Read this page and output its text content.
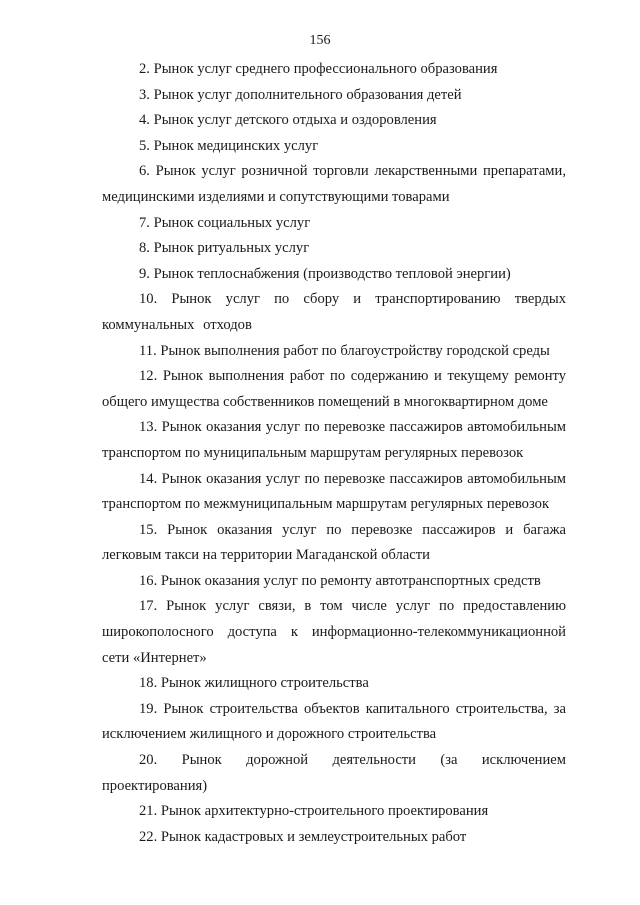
156

2. Рынок услуг среднего профессионального образования

3. Рынок услуг дополнительного образования детей

4. Рынок услуг детского отдыха и оздоровления

5. Рынок медицинских услуг

6. Рынок услуг розничной торговли лекарственными препаратами, медицинскими изделиями и сопутствующими товарами

7. Рынок социальных услуг

8. Рынок ритуальных услуг

9. Рынок теплоснабжения (производство тепловой энергии)

10. Рынок услуг по сбору и транспортированию твердых коммунальных отходов

11. Рынок выполнения работ по благоустройству городской среды

12. Рынок выполнения работ по содержанию и текущему ремонту общего имущества собственников помещений в многоквартирном доме

13. Рынок оказания услуг по перевозке пассажиров автомобильным транспортом по муниципальным маршрутам регулярных перевозок

14. Рынок оказания услуг по перевозке пассажиров автомобильным транспортом по межмуниципальным маршрутам регулярных перевозок

15. Рынок оказания услуг по перевозке пассажиров и багажа легковым такси на территории Магаданской области

16. Рынок оказания услуг по ремонту автотранспортных средств

17. Рынок услуг связи, в том числе услуг по предоставлению широкополосного доступа к информационно-телекоммуникационной сети «Интернет»

18. Рынок жилищного строительства

19. Рынок строительства объектов капитального строительства, за исключением жилищного и дорожного строительства

20. Рынок дорожной деятельности (за исключением проектирования)

21. Рынок архитектурно-строительного проектирования

22. Рынок кадастровых и землеустроительных работ
